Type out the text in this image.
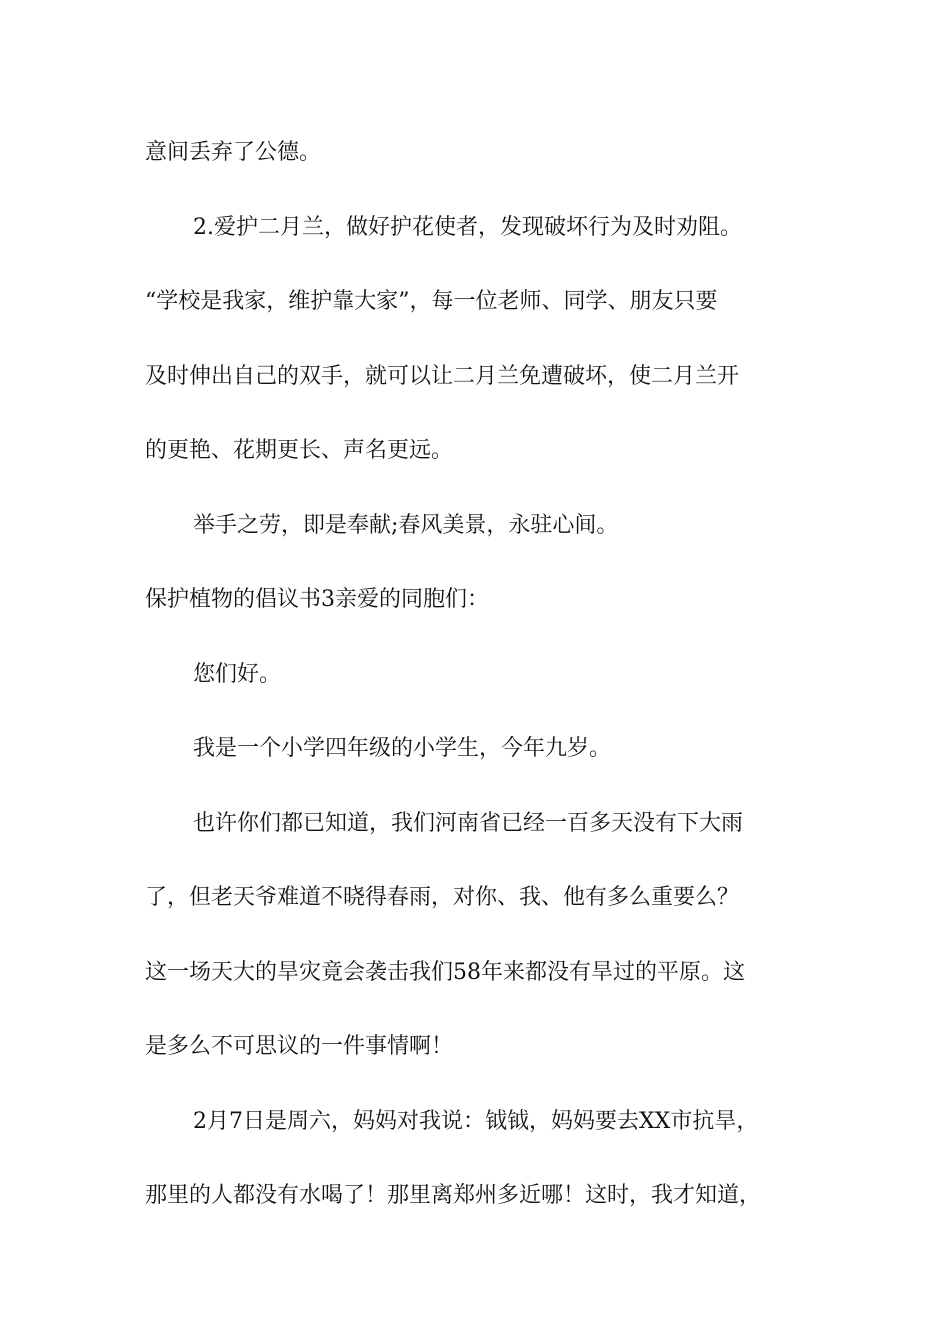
意间丢弃了公德。
2.爱护二月兰，做好护花使者，发现破坏行为及时劝阻。
“学校是我家，维护靠大家”，每一位老师、同学、朋友只要
及时伸出自己的双手，就可以让二月兰免遭破坏，使二月兰开
的更艳、花期更长、声名更远。
举手之劳，即是奉献;春风美景，永驻心间。
保护植物的倡议书3亲爱的同胞们：
您们好。
我是一个小学四年级的小学生，今年九岁。
也许你们都已知道，我们河南省已经一百多天没有下大雨
了，但老天爷难道不晓得春雨，对你、我、他有多么重要么？
这一场天大的旱灾竟会袭击我们58年来都没有旱过的平原。这
是多么不可思议的一件事情啊！
2月7日是周六，妈妈对我说：钺钺，妈妈要去XX市抗旱，
那里的人都没有水喝了！那里离郑州多近哪！这时，我才知道，
